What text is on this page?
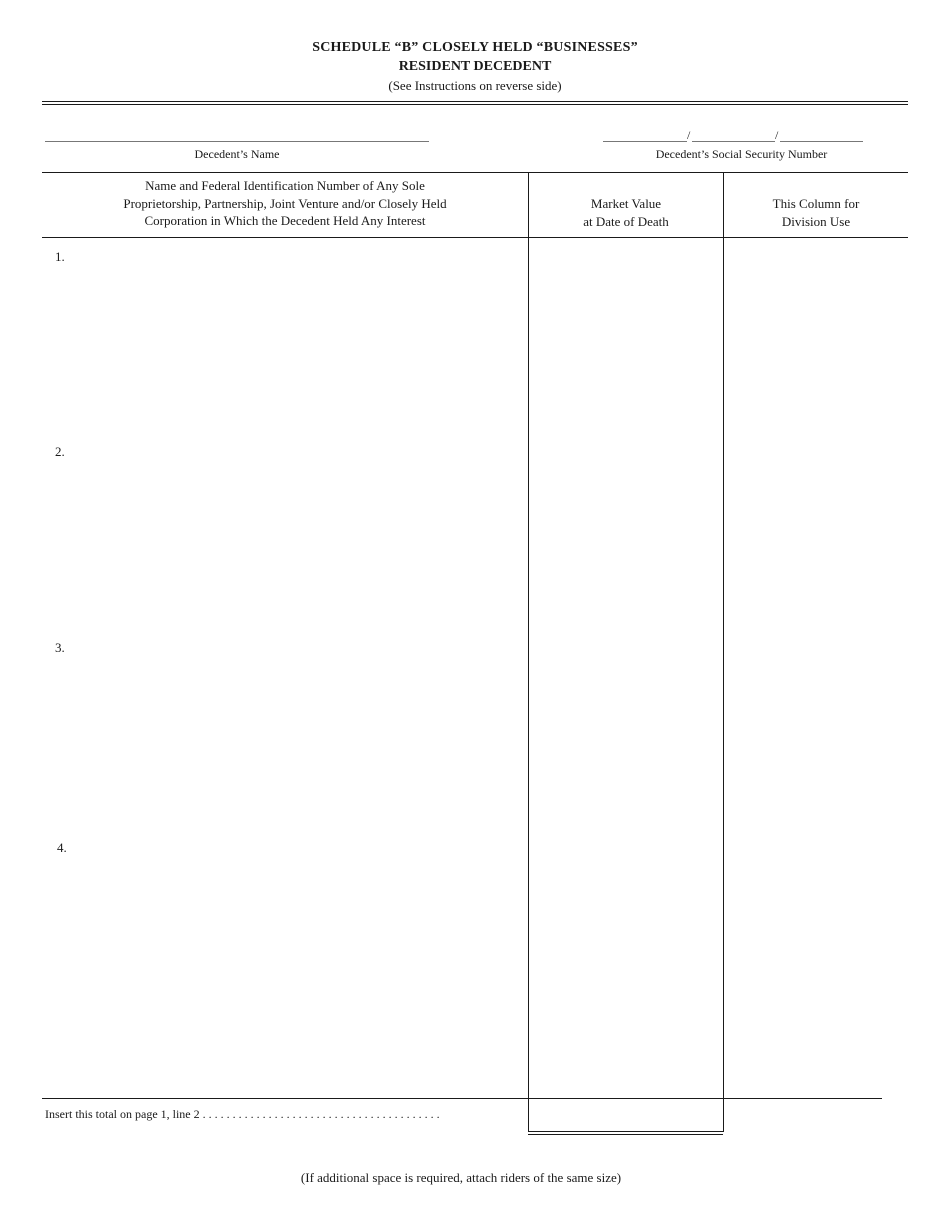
SCHEDULE “B” CLOSELY HELD “BUSINESSES”
RESIDENT DECEDENT
(See Instructions on reverse side)
Decedent’s Name
/	/
Decedent’s Social Security Number
Name and Federal Identification Number of Any Sole
Proprietorship, Partnership, Joint Venture and/or Closely Held
Corporation in Which the Decedent Held Any Interest
Market Value
at Date of Death
This Column for
Division Use
1.
2.
3.
4.
Insert this total on page 1, line 2 . . . . . . . . . . . . . . . . . . . . . . . . . . . . . . . . . . . . . . . .
(If additional space is required, attach riders of the same size)
